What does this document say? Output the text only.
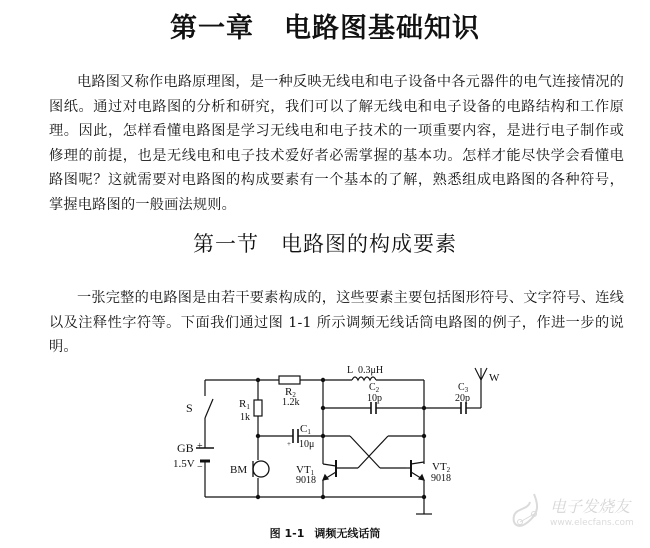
第一章 电路图基础知识
电路图又称作电路原理图，是一种反映无线电和电子设备中各元器件的电气连接情况的图纸。通过对电路图的分析和研究，我们可以了解无线电和电子设备的电路结构和工作原理。因此，怎样看懂电路图是学习无线电和电子技术的一项重要内容，是进行电子制作或修理的前提，也是无线电和电子技术爱好者必需掌握的基本功。怎样才能尽快学会看懂电路图呢？这就需要对电路图的构成要素有一个基本的了解，熟悉组成电路图的各种符号，掌握电路图的一般画法规则。
第一节 电路图的构成要素
一张完整的电路图是由若干要素构成的，这些要素主要包括图形符号、文字符号、连线以及注释性字符等。下面我们通过图 1-1 所示调频无线话筒电路图的例子，作进一步的说明。
S
GB +
1.5V −
R1
1k
R2
1.2k
+
C1
10μ
L 0.3μH
$C_2$
10p
$C_3$
20p
W
BM	VT1
9018
VT2
9018
图 1-1 调频无线话筒
电子发烧友
www.elecfans.com
